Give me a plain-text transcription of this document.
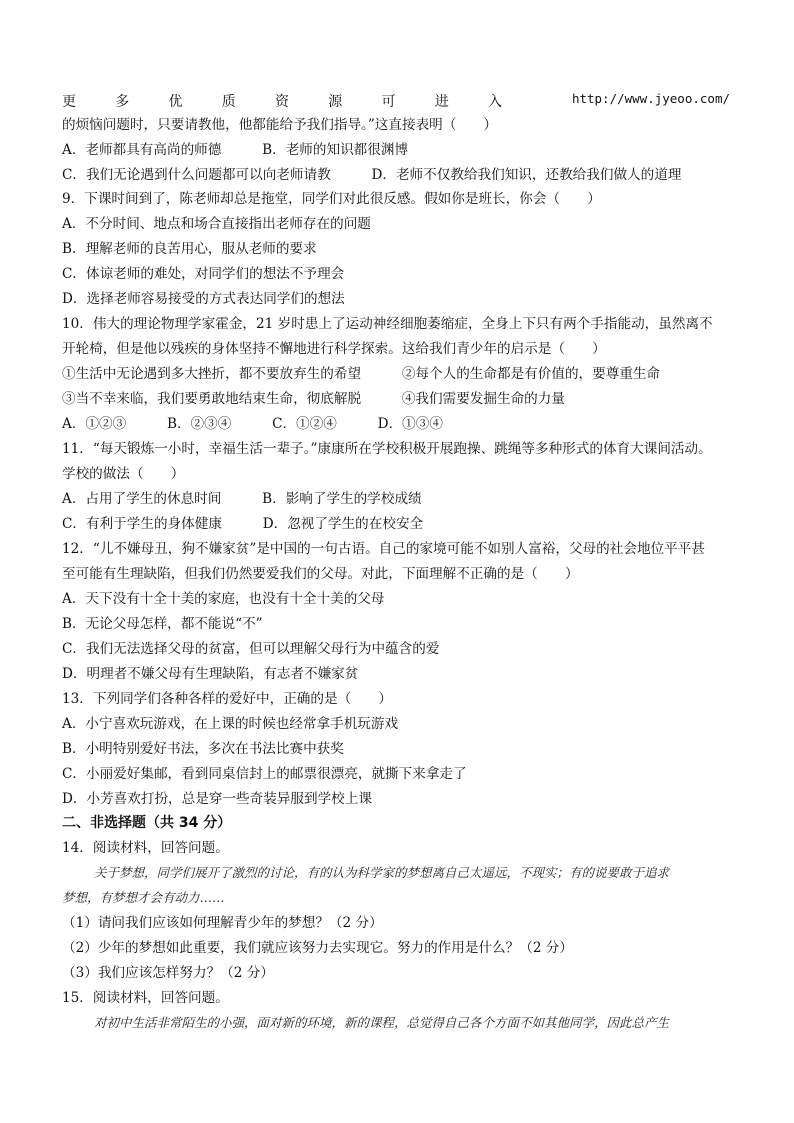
更	多	优	质	资	源	可	进	入	http://www.jyeoo.com/
的烦恼问题时，只要请教他，他都能给予我们指导。”这直接表明（　　）
A．老师都具有高尚的师德　　　B．老师的知识都很渊博
C．我们无论遇到什么问题都可以向老师请教　　　D．老师不仅教给我们知识，还教给我们做人的道理
9．下课时间到了，陈老师却总是拖堂，同学们对此很反感。假如你是班长，你会（　　）
A．不分时间、地点和场合直接指出老师存在的问题
B．理解老师的良苦用心，服从老师的要求
C．体谅老师的难处，对同学们的想法不予理会
D．选择老师容易接受的方式表达同学们的想法
10．伟大的理论物理学家霍金，21 岁时患上了运动神经细胞萎缩症，全身上下只有两个手指能动，虽然离不
开轮椅，但是他以残疾的身体坚持不懈地进行科学探索。这给我们青少年的启示是（　　）
①生活中无论遇到多大挫折，都不要放弃生的希望　　　②每个人的生命都是有价值的，要尊重生命
③当不幸来临，我们要勇敢地结束生命，彻底解脱　　　④我们需要发掘生命的力量
A．①②③　　　B．②③④　　　C．①②④　　　D．①③④
11．“每天锻炼一小时，幸福生活一辈子。”康康所在学校积极开展跑操、跳绳等多种形式的体育大课间活动。
学校的做法（　　）
A．占用了学生的休息时间　　　B．影响了学生的学校成绩
C．有利于学生的身体健康　　　D．忽视了学生的在校安全
12．“儿不嫌母丑，狗不嫌家贫”是中国的一句古语。自己的家境可能不如别人富裕，父母的社会地位平平甚
至可能有生理缺陷，但我们仍然要爱我们的父母。对此，下面理解不正确的是（　　）
A．天下没有十全十美的家庭，也没有十全十美的父母
B．无论父母怎样，都不能说“不”
C．我们无法选择父母的贫富，但可以理解父母行为中蕴含的爱
D．明理者不嫌父母有生理缺陷，有志者不嫌家贫
13．下列同学们各种各样的爱好中，正确的是（　　）
A．小宁喜欢玩游戏，在上课的时候也经常拿手机玩游戏
B．小明特别爱好书法，多次在书法比赛中获奖
C．小丽爱好集邮，看到同桌信封上的邮票很漂亮，就撕下来拿走了
D．小芳喜欢打扮，总是穿一些奇装异服到学校上课
二、非选择题（共 34 分）
14．阅读材料，回答问题。
关于梦想，同学们展开了激烈的讨论，有的认为科学家的梦想离自己太遥远，不现实；有的说要敢于追求
梦想，有梦想才会有动力……
（1）请问我们应该如何理解青少年的梦想？（2 分）
（2）少年的梦想如此重要，我们就应该努力去实现它。努力的作用是什么？（2 分）
（3）我们应该怎样努力？（2 分）
15．阅读材料，回答问题。
对初中生活非常陌生的小强，面对新的环境，新的课程，总觉得自己各个方面不如其他同学，因此总产生
